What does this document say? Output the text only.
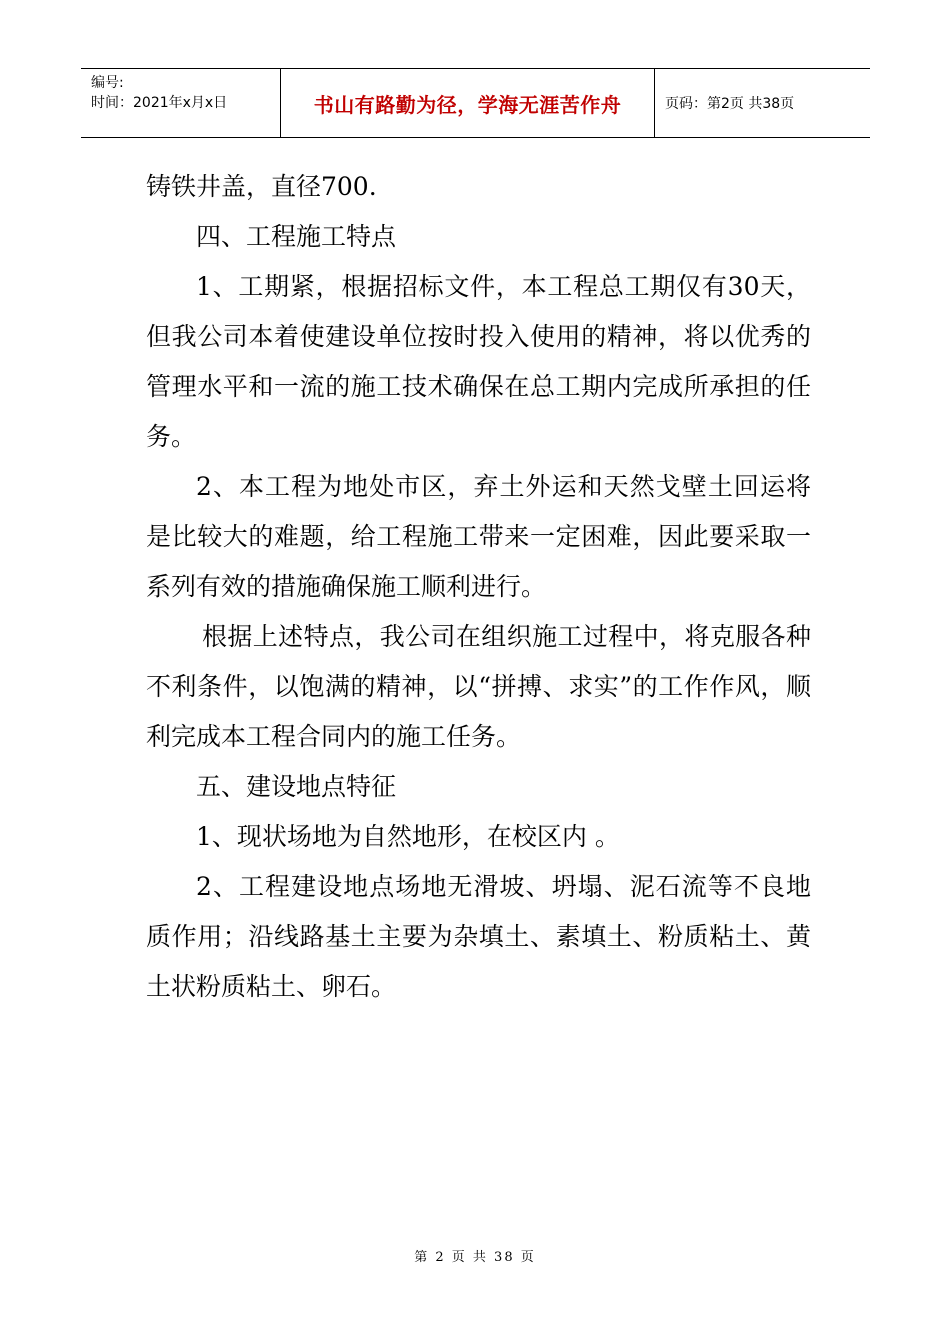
编号:
时间：2021年x月x日	书山有路勤为径，学海无涯苦作舟	页码：第2页 共38页

铸铁井盖，直径700.

四、工程施工特点

1、工期紧，根据招标文件，本工程总工期仅有30天，但我公司本着使建设单位按时投入使用的精神，将以优秀的管理水平和一流的施工技术确保在总工期内完成所承担的任务。

2、本工程为地处市区，弃土外运和天然戈壁土回运将是比较大的难题，给工程施工带来一定困难，因此要采取一系列有效的措施确保施工顺利进行。

根据上述特点，我公司在组织施工过程中，将克服各种不利条件，以饱满的精神，以“拼搏、求实”的工作作风，顺利完成本工程合同内的施工任务。

五、建设地点特征

1、现状场地为自然地形，在校区内 。

2、工程建设地点场地无滑坡、坍塌、泥石流等不良地质作用；沿线路基土主要为杂填土、素填土、粉质粘土、黄土状粉质粘土、卵石。

第 2 页 共 38 页
